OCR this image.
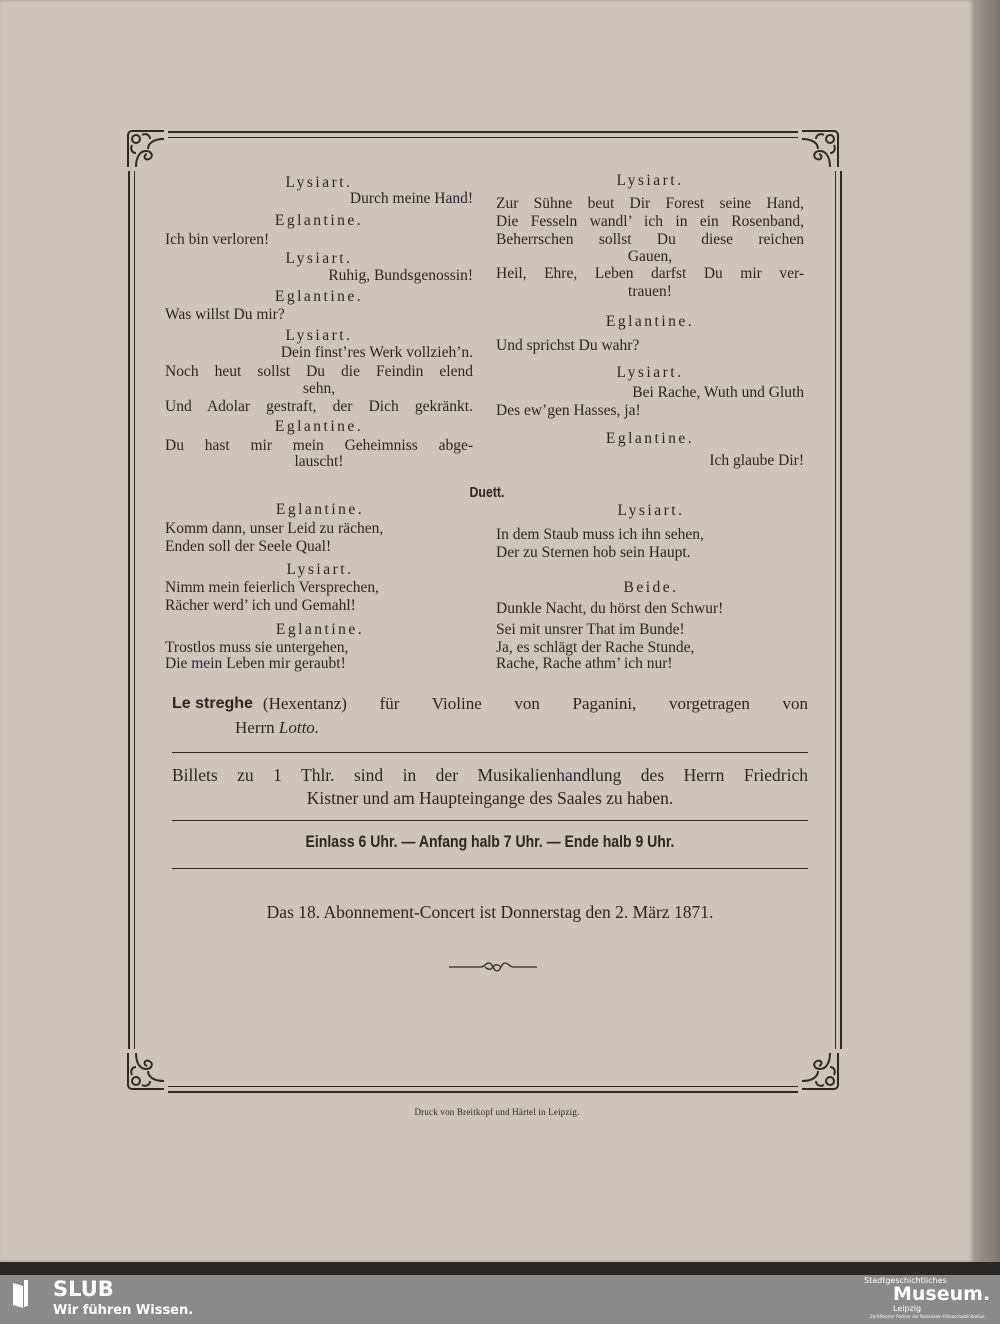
Lysiart.
Durch meine Hand!
Eglantine.
Ich bin verloren!
Lysiart.
Ruhig, Bundsgenossin!
Eglantine.
Was willst Du mir?
Lysiart.
Dein finst’res Werk vollzieh’n.
Noch heut sollst Du die Feindin elend
sehn,
Und Adolar gestraft, der Dich gekränkt.
Eglantine.
Du hast mir mein Geheimniss abge-
lauscht!
Lysiart.
Zur Sühne beut Dir Forest seine Hand,
Die Fesseln wandl’ ich in ein Rosenband,
Beherrschen sollst Du diese reichen
Gauen,
Heil, Ehre, Leben darfst Du mir ver-
trauen!
Eglantine.
Und sprichst Du wahr?
Lysiart.
Bei Rache, Wuth und Gluth
Des ew’gen Hasses, ja!
Eglantine.
Ich glaube Dir!
Duett.
Eglantine.
Komm dann, unser Leid zu rächen,
Enden soll der Seele Qual!
Lysiart.
Nimm mein feierlich Versprechen,
Rächer werd’ ich und Gemahl!
Eglantine.
Trostlos muss sie untergehen,
Die mein Leben mir geraubt!
Lysiart.
In dem Staub muss ich ihn sehen,
Der zu Sternen hob sein Haupt.
Beide.
Dunkle Nacht, du hörst den Schwur!
Sei mit unsrer That im Bunde!
Ja, es schlägt der Rache Stunde,
Rache, Rache athm’ ich nur!
Le streghe (Hexentanz) für Violine von Paganini, vorgetragen von
Herrn Lotto.
Billets zu 1 Thlr. sind in der Musikalienhandlung des Herrn Friedrich
Kistner und am Haupteingange des Saales zu haben.
Einlass 6 Uhr. — Anfang halb 7 Uhr. — Ende halb 9 Uhr.
Das 18. Abonnement-Concert ist Donnerstag den 2. März 1871.
Druck von Breitkopf und Härtel in Leipzig.
SLUB
Wir führen Wissen.
Stadtgeschichtliches
Museum.
Leipzig
Zertifizierter Partner der Nationalen Klimaschutzinitiative
